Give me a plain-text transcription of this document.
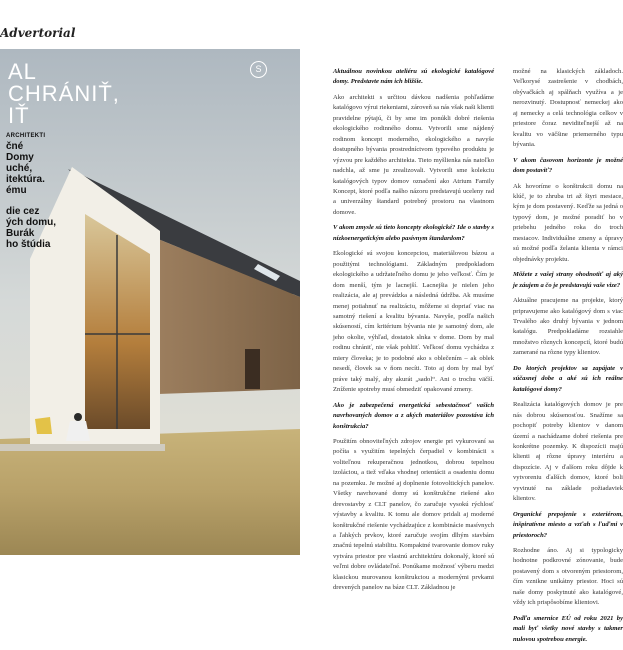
Advertorial
S
AL
CHRÁNIŤ,
IŤ
ARCHITEKTI
čné
Domy
uché,
itektúra.
ému
die cez
ých domu,
Burák
ho štúdia

Aktuálnou novinkou ateliéru sú ekologické katalógové domy. Predstavte nám ich bližšie.

Ako architekti s určitou dávkou nadšenia pohľadáme katalógovo výrui riekeniami, zároveň sa nás však naši klienti pravidelne pýtajú, či by sme im ponúkli dobré riešenia ekologického rodinného domu. Vytvorili sme nájdený rodinom koncept moderného, ekologického a navyše dostupného bývania prostredníctvom typového produktu je výzvou pre každého architekta. Tieto myšlienka nás natoľko nadchla, až sme ju zrealizovali. Vytvorili sme kolekciu katalógových typov domov označení ako Atrium Family Koncept, ktoré podľa našho názoru predstavujú uceleny rad a univerzálny štandard potrebný prostoru na vlastnom domove.

V akom zmysle sú tieto koncepty ekologické? Ide o stavby s nízkoenergetickým alebo pasívnym štandardom?

Ekologické sú svojou koncepciou, materiálovou bázou a použitými technológiami. Základným predpokladom ekologického a udržateľného domu je jeho veľkosť. Čím je dom menší, tým je lacnejší. Lacnejšia je nielen jeho realizácia, ale aj prevádzka a následná údržba. Ak musíme menej potiahnuť na realizáciu, môžeme si dopriať viac na samotný riešení a kvalitu bývania. Navyše, podľa našich skúseností, cím kritérium bývania nie je samotný dom, ale jeho okolie, výhľad, dostatok slnka v dome. Dom by mal rodinu chrániť, nie však pohltiť. Veľkosť domu vychádza z miery človeka; je to podobné ako s oblečením – ak oblek nesedí, človek sa v ňom necíti. Toto aj dom by mal byť práve taký malý, aby akurát „sadol“. Ani o trochu väčší. Zníženie spotreby musí obmedziť opakované zmeny.

Ako je zabezpečená energetická sebestačnosť vašich navrhovaných domov a z akých materiálov pozostáva ich konštrukcia?

Použitím obnoviteľných zdrojov energie pri vykurovaní sa počíta s využitím tepelných čerpadiel v kombinácii s voliteľnou rekuperačnou jednotkou, dobrou tepelnou izoláciou, a tiež vďaka vhodnej orientácii a osadeniu domu na pozemku. Je možné aj doplnenie fotovoltických panelov. Všetky navrhované domy sú konštrukčne riešené ako drevostavby z CLT panelov, čo zaručuje vysokú rýchlosť výstavby a kvalitu. K tomu ale domov pridali aj moderné konštrukčné riešenie vychádzajúce z kombinácie masívnych a ľahkých prvkov, ktoré zaručuje svojím dlhým stavbám značnú tepelnú stabilitu. Kompaktné tvarovanie domov ruky vytvára priestor pre vlastnú architektúru dokonalý, ktoré sú veľmi dobre ovládateľné. Ponúkame možnosť výberu medzi klasickou murovanou konštrukciou a modernými prvkami drevených panelov na báze CLT. Základnou je

možné na klasických základoch. Veľkorysé zastrešenie v chodbách, obývačkách aj spálňach využíva a je nerozvinutý. Dostupnosť nemeckej ako aj nemecky a celá technológia celkov v priestore čoraz neviditeľnejší až na kvalitu vo väčšine priemerného typu bývania.

V akom časovom horizonte je možné dom postaviť?

Ak hovoríme o konštrukcii domu na klúč, je to zhruba tri až štyri mesiace, kým je dom postavený. Keďže sa jedná o typový dom, je možné poradiť ho v priebehu jedného roka do troch mesiacov. Individuálne zmeny a úpravy sú možné podľa želania klienta v rámci objednávky projektu.

Môžete z vašej strany ohodnotiť aj aký je záujem a čo je predstavujú vaše vize?

Aktuálne pracujeme na projekte, ktorý pripravujeme ako katalógový dom s viac Trvalého ako druhý bývania v jednom katalógu. Predpokladáme rozsiahle množstvo rôznych koncepcií, ktoré budú zamerané na rôzne typy klientov.

Do ktorých projektov sa zapájate v súčasnej dobe a aké sú ich reálne katalógové domy?

Realizácia katalógových domov je pre nás dobrou skúsenosťou. Snažíme sa pochopiť potreby klientov v danom území a nachádzame dobré riešenia pre konkrétne pozemky. K dispozícii majú klienti aj rôzne úpravy interiéru a dispozície. Aj v ďalšom roku dôjde k vytvoreniu ďalších domov, ktoré boli vyvinuté na základe požiadaviek klientov.

Organické prepojenie s exteriérom, inšpiratívne miesto a vzťah s ľuďmi v priestoroch?

Rozhodne áno. Aj si typologicky hodnotne podkrovné zónovanie, bude postavený dom s otvoreným priestorom, čím vznikne unikátny priestor. Hoci sú naše domy poskytnuté ako katalógové, vždy ich prispôsobíme klientovi.

Podľa smernice EÚ od roku 2021 by mali byť všetky nové stavby s takmer nulovou spotrebou energie.
